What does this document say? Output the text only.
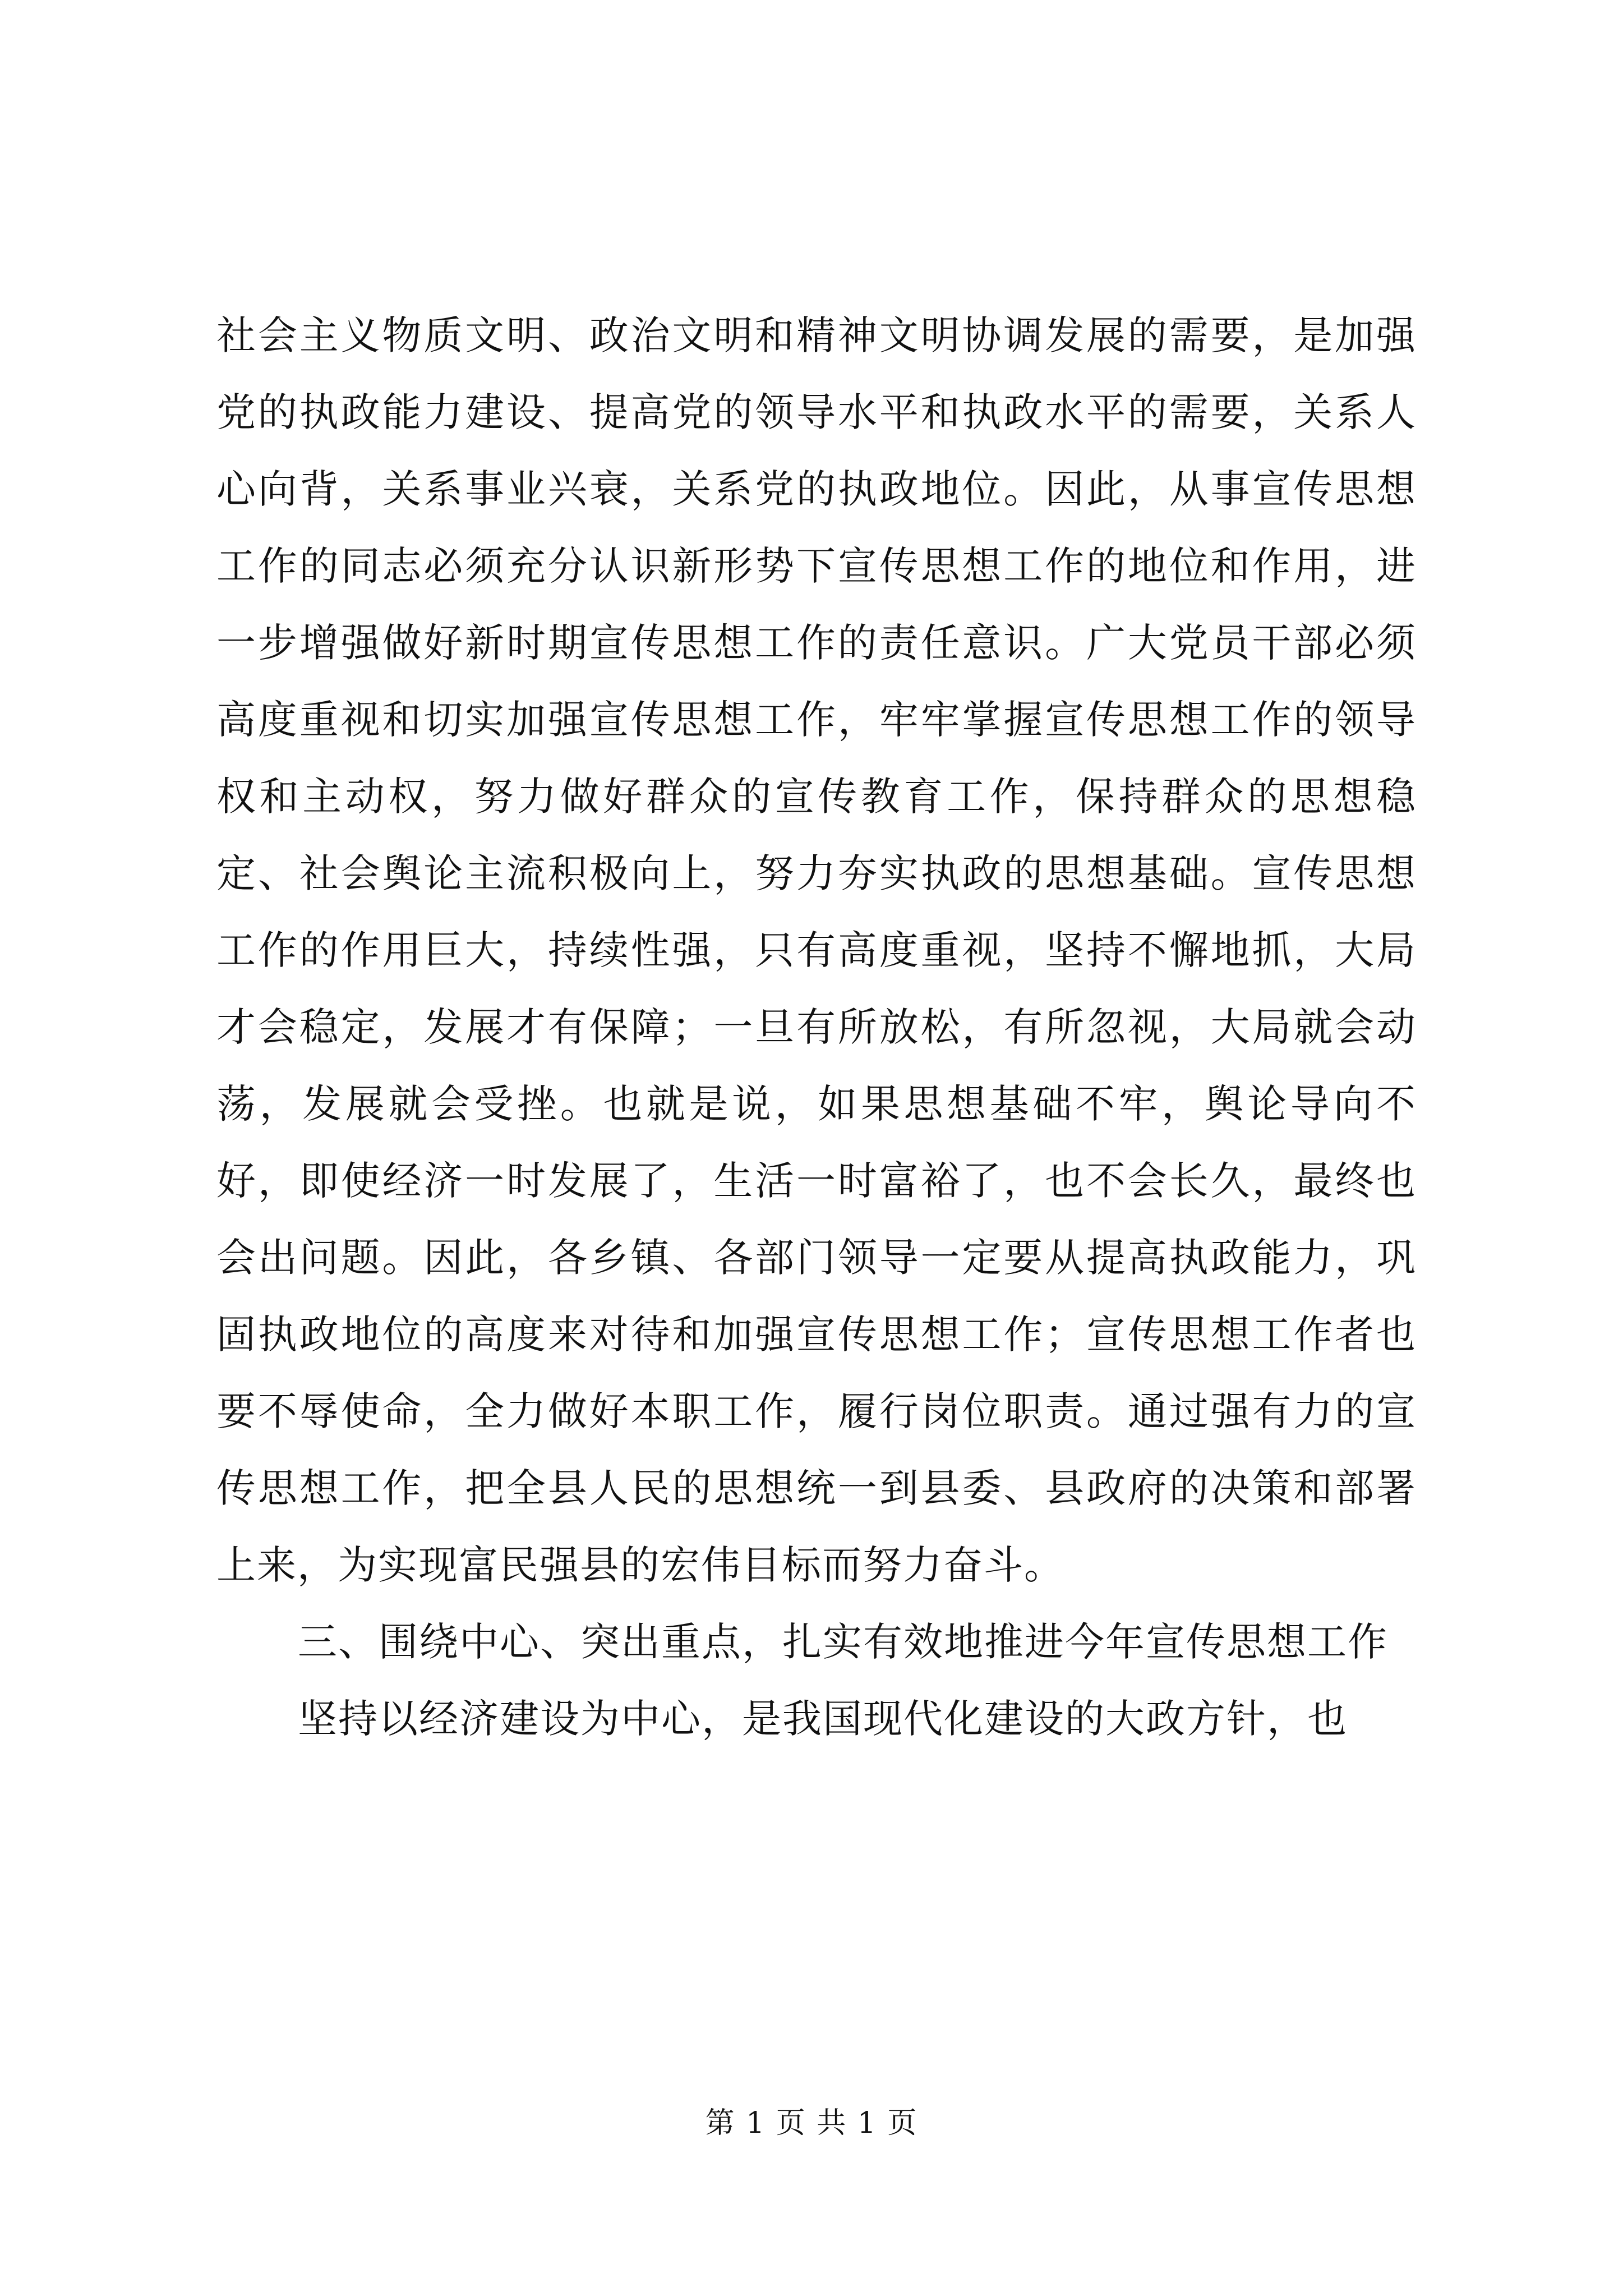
社会主义物质文明、政治文明和精神文明协调发展的需要，是加强党的执政能力建设、提高党的领导水平和执政水平的需要，关系人心向背，关系事业兴衰，关系党的执政地位。因此，从事宣传思想工作的同志必须充分认识新形势下宣传思想工作的地位和作用，进一步增强做好新时期宣传思想工作的责任意识。广大党员干部必须高度重视和切实加强宣传思想工作，牢牢掌握宣传思想工作的领导权和主动权，努力做好群众的宣传教育工作，保持群众的思想稳定、社会舆论主流积极向上，努力夯实执政的思想基础。宣传思想工作的作用巨大，持续性强，只有高度重视，坚持不懈地抓，大局才会稳定，发展才有保障；一旦有所放松，有所忽视，大局就会动荡，发展就会受挫。也就是说，如果思想基础不牢，舆论导向不好，即使经济一时发展了，生活一时富裕了，也不会长久，最终也会出问题。因此，各乡镇、各部门领导一定要从提高执政能力，巩固执政地位的高度来对待和加强宣传思想工作；宣传思想工作者也要不辱使命，全力做好本职工作，履行岗位职责。通过强有力的宣传思想工作，把全县人民的思想统一到县委、县政府的决策和部署上来，为实现富民强县的宏伟目标而努力奋斗。

三、围绕中心、突出重点，扎实有效地推进今年宣传思想工作

坚持以经济建设为中心，是我国现代化建设的大政方针，也

第 1 页 共 1 页
